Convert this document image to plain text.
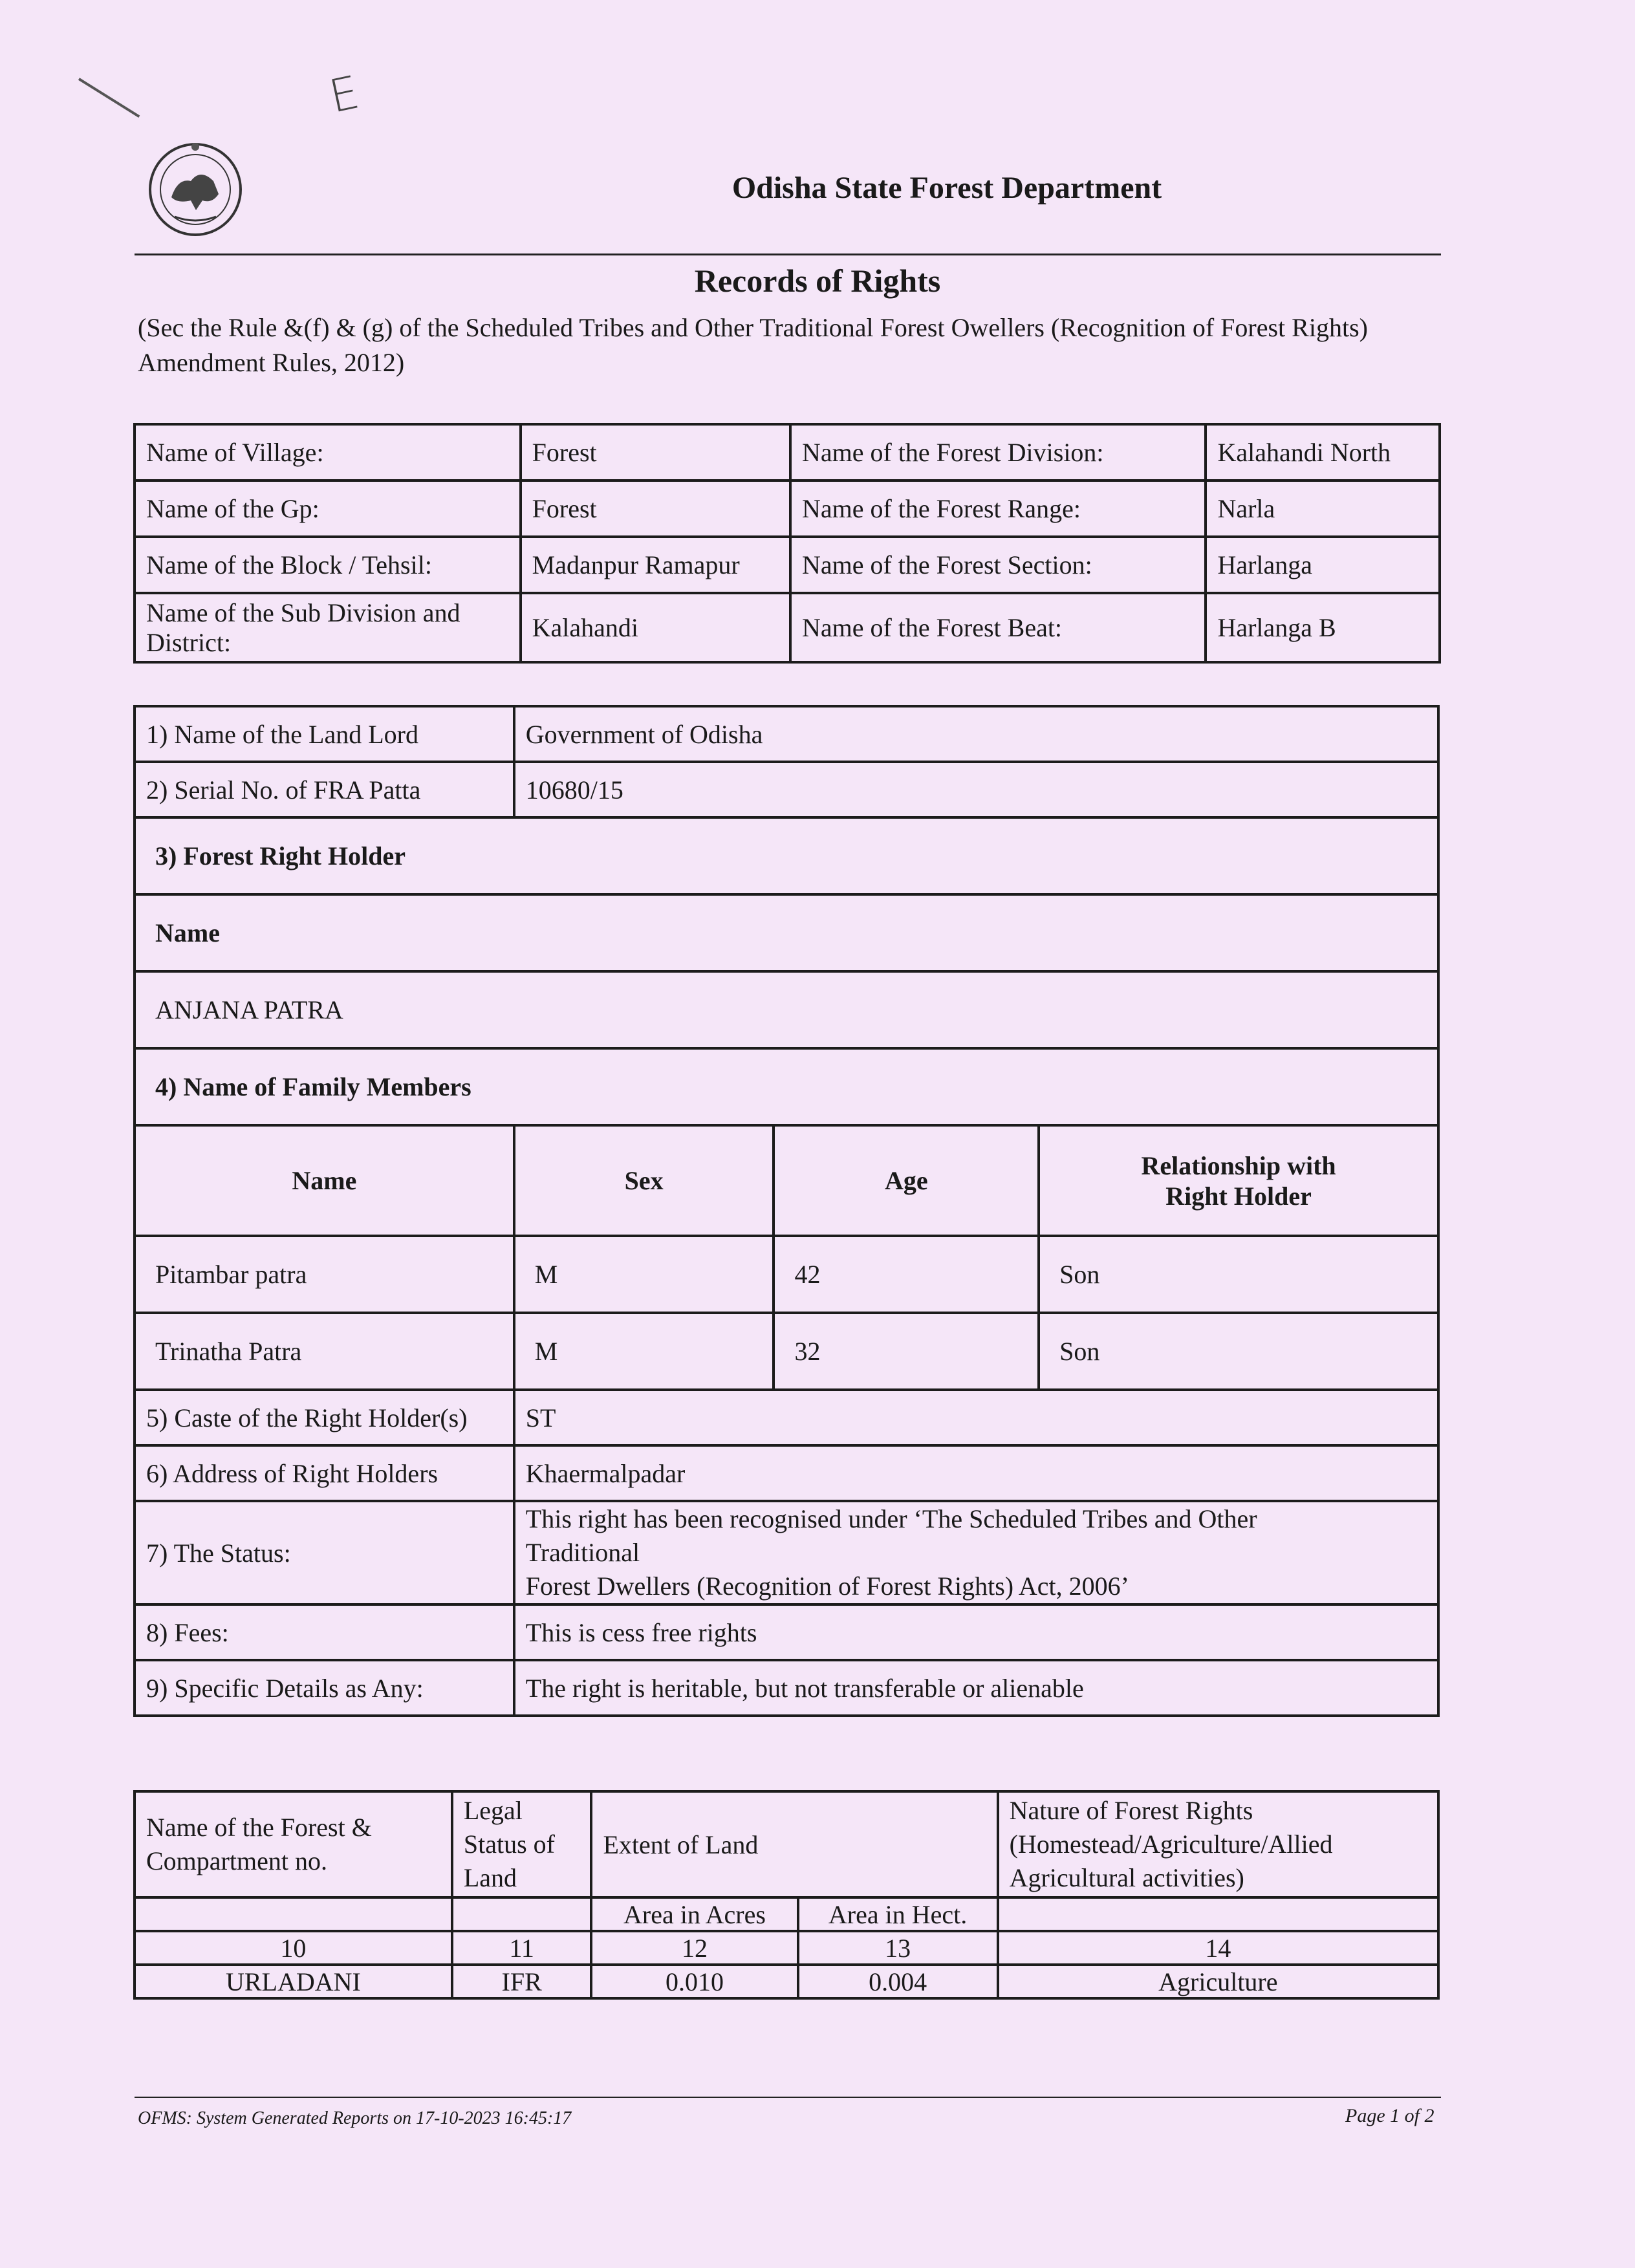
E
Odisha State Forest Department
Records of Rights
(Sec the Rule &(f) & (g) of the Scheduled Tribes and Other Traditional Forest Owellers (Recognition of Forest Rights) Amendment Rules, 2012)
Name of Village:	Forest	Name of the Forest Division:	Kalahandi North
Name of the Gp:	Forest	Name of the Forest Range:	Narla
Name of the Block / Tehsil:	Madanpur Ramapur	Name of the Forest Section:	Harlanga
Name of the Sub Division and District:	Kalahandi	Name of the Forest Beat:	Harlanga B
1) Name of the Land Lord	Government of Odisha		
2) Serial No. of FRA Patta	10680/15		
3) Forest Right Holder			
Name			
ANJANA PATRA			
4) Name of Family Members			
Name	Sex	Age	Relationship with Right Holder
Pitambar patra	M	42	Son
Trinatha Patra	M	32	Son
5) Caste of the Right Holder(s)	ST		
6) Address of Right Holders	Khaermalpadar		
7) The Status:	This right has been recognised under ‘The Scheduled Tribes and Other Traditional
Forest Dwellers (Recognition of Forest Rights) Act, 2006’		

8) Fees:	This is cess free rights		
9) Specific Details as Any:	The right is heritable, but not transferable or alienable		
Name of the Forest & Compartment no.	Legal Status of Land	Extent of Land		Nature of Forest Rights (Homestead/Agriculture/Allied Agricultural activities)
		Area in Acres	Area in Hect.	
10	11	12	13	14
URLADANI	IFR	0.010	0.004	Agriculture
OFMS: System Generated Reports on 17-10-2023 16:45:17	Page 1 of 2
